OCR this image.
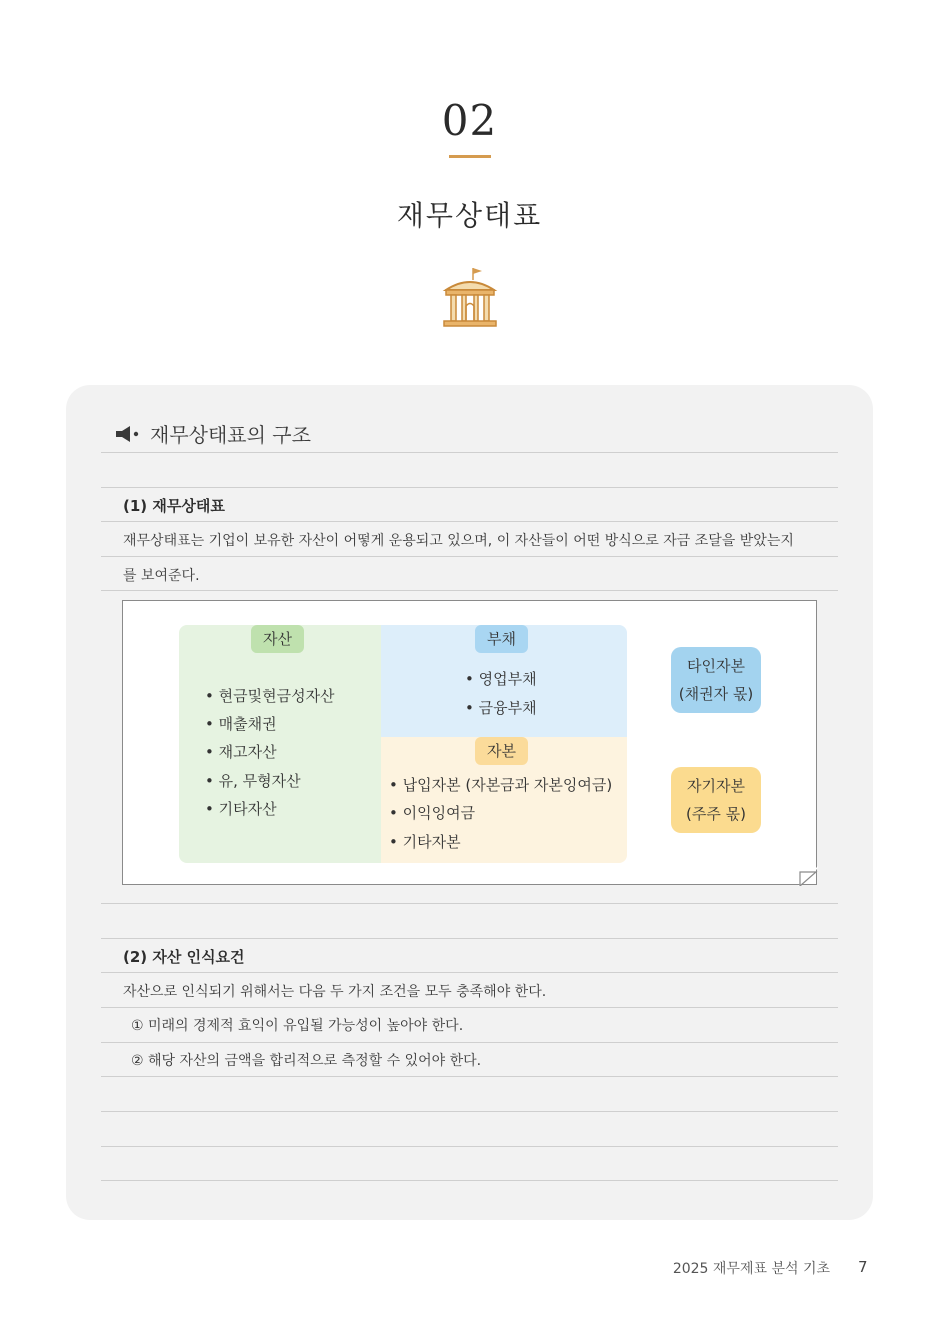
02
재무상태표
재무상태표의 구조
(1) 재무상태표
재무상태표는 기업이 보유한 자산이 어떻게 운용되고 있으며, 이 자산들이 어떤 방식으로 자금 조달을 받았는지
를 보여준다.
자산	부채
자본
• 현금및현금성자산
• 매출채권
• 재고자산
• 유, 무형자산
• 기타자산
• 영업부채
• 금융부채
• 납입자본 (자본금과 자본잉여금)
• 이익잉여금
• 기타자본
타인자본
(채권자 몫)
자기자본
(주주 몫)
(2) 자산 인식요건
자산으로 인식되기 위해서는 다음 두 가지 조건을 모두 충족해야 한다.
① 미래의 경제적 효익이 유입될 가능성이 높아야 한다.
② 해당 자산의 금액을 합리적으로 측정할 수 있어야 한다.
2025 재무제표 분석 기초 7
